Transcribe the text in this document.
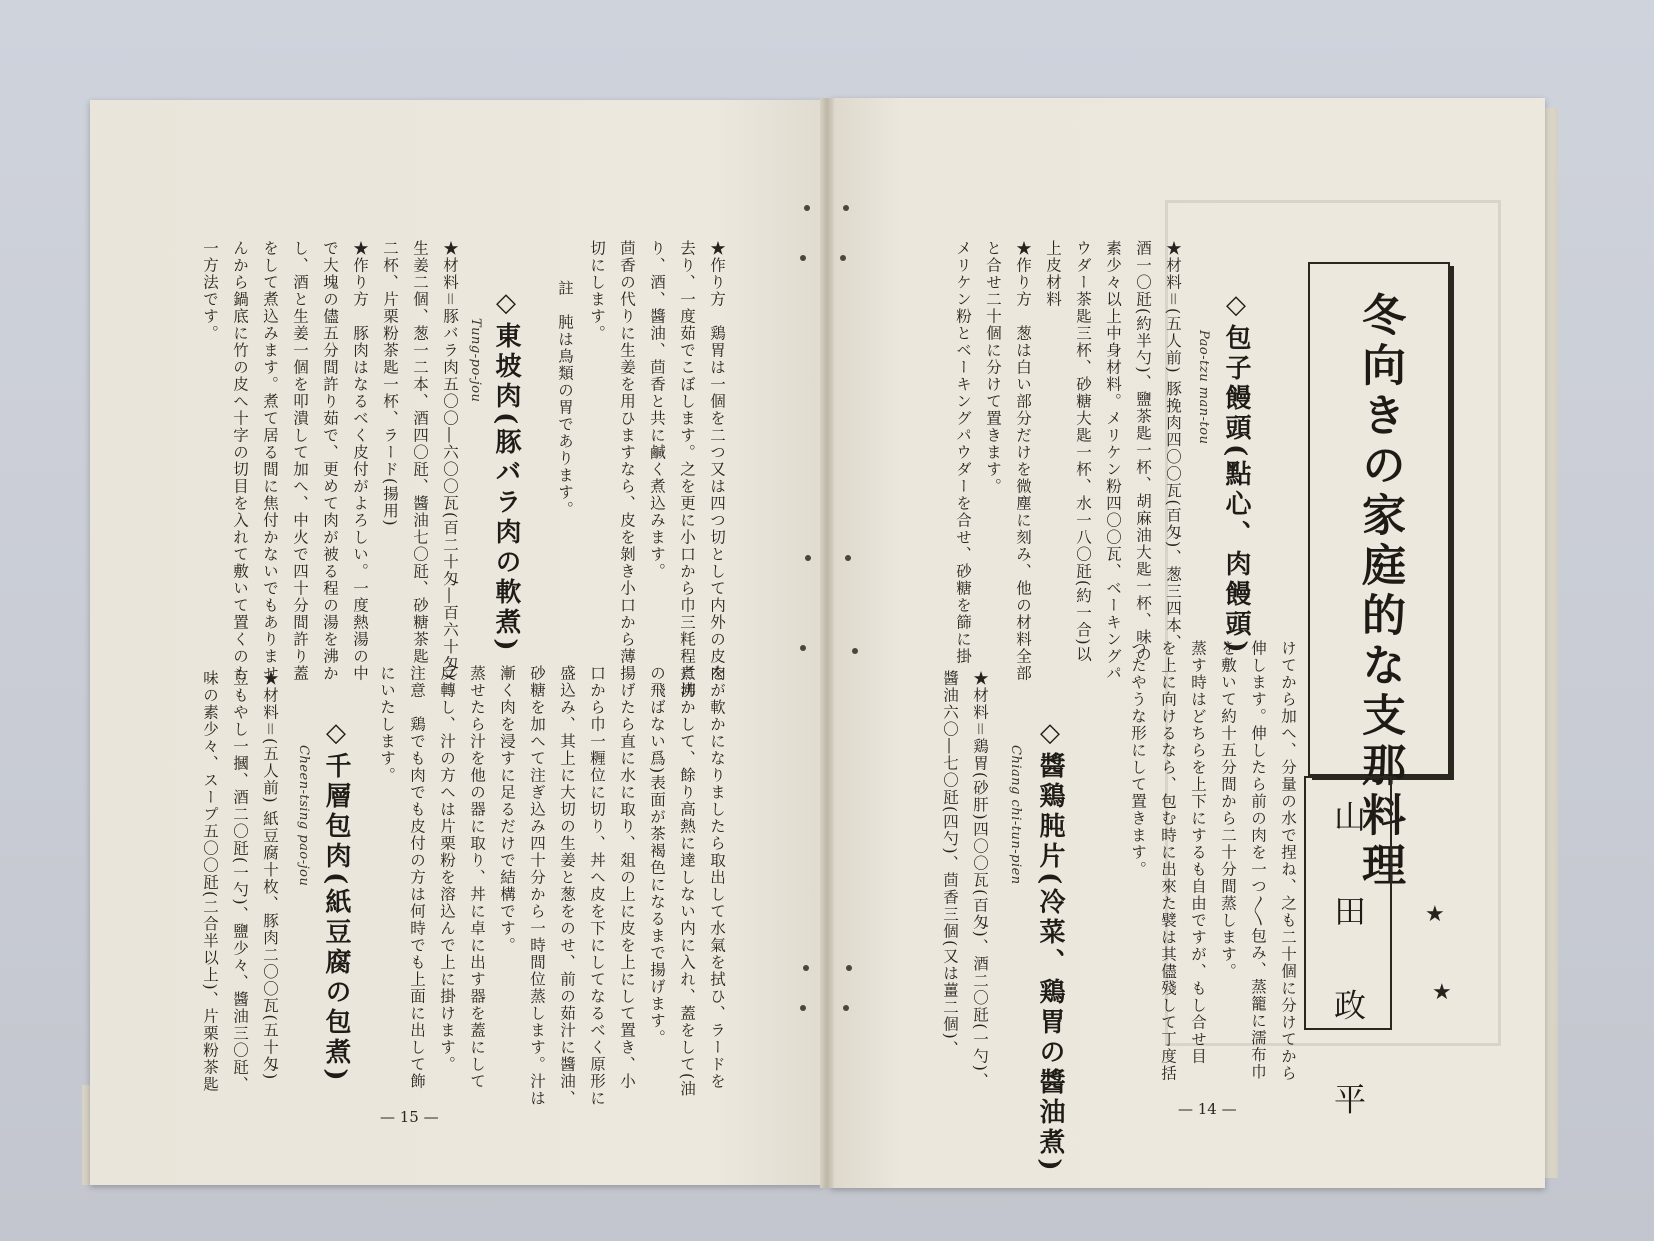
冬向きの家庭的な支那料理
山 田 政 平	★
★
★材料＝(五人前) 豚挽肉四〇〇瓦(百匁)、葱三四本、 ◇包子饅頭(點心、肉饅頭)
Pao-tzu man-tou
酒一〇瓩(約半勺)、鹽茶匙一杯、胡麻油大匙一杯、味の
素少々以上中身材料。メリケン粉四〇〇瓦、ベーキングパ
ウダー茶匙三杯、砂糖大匙一杯、水一八〇瓩(約一合)以
上皮材料
★作り方　葱は白い部分だけを微塵に刻み、他の材料全部
と合せ二十個に分けて置きます。
メリケン粉とベーキングパウダーを合せ、砂糖を篩に掛
けてから加へ、分量の水で捏ね、之も二十個に分けてから
伸します。伸したら前の肉を一つ〳〵包み、蒸籠に濡布巾
を敷いて約十五分間から二十分間蒸します。
蒸す時はどちらを上下にするも自由ですが、もし合せ目
を上に向けるなら、包む時に出來た襞は其儘殘して丁度括
つたやうな形にして置きます。
◇醬鶏肫片(冷菜、鶏胃の醬油煮)
Chiang chi-tun-pien
★材料＝鶏胃(砂肝)四〇〇瓦(百匁)、酒二〇瓩(一勺)、
醬油六〇―七〇瓩(四勺)、茴香三個(又は薑二個)、
— 14 —
★作り方　鶏胃は一個を二つ又は四つ切として内外の皮を
去り、一度茹でこぼします。之を更に小口から巾三粍程に切
り、酒、醬油、茴香と共に鹹く煮込みます。
茴香の代りに生姜を用ひますなら、皮を剝き小口から薄
切にします。
註　肫は鳥類の胃であります。
◇東坡肉(豚バラ肉の軟煮)
Tung-po-jou
★材料＝豚バラ肉五〇〇―六〇〇瓦(百二十匁―百六十匁)
生姜二個、葱一二本、酒四〇瓩、醬油七〇瓩、砂糖茶匙
二杯、片栗粉茶匙一杯、ラード(揚用)
★作り方　豚肉はなるべく皮付がよろしい。一度熱湯の中
で大塊の儘五分間許り茹で、更めて肉が被る程の湯を沸か
し、酒と生姜一個を叩潰して加へ、中火で四十分間許り蓋
をして煮込みます。煮て居る間に焦付かないでもありませ
んから鍋底に竹の皮へ十字の切目を入れて敷いて置くのも
一方法です。
肉が軟かになりましたら取出して水氣を拭ひ、ラードを
煮沸かして、餘り高熱に達しない内に入れ、蓋をして(油
の飛ばない爲)表面が茶褐色になるまで揚げます。
揚げたら直に水に取り、爼の上に皮を上にして置き、小
口から巾一糎位に切り、丼へ皮を下にしてなるべく原形に
盛込み、其上に大切の生姜と葱をのせ、前の茹汁に醬油、
砂糖を加へて注ぎ込み四十分から一時間位蒸します。汁は
漸く肉を浸すに足るだけで結構です。
蒸せたら汁を他の器に取り、丼に卓に出す器を蓋にして
反轉し、汁の方へは片栗粉を溶込んで上に掛けます。
注意　鶏でも肉でも皮付の方は何時でも上面に出して飾
にいたします。
◇千層包肉(紙豆腐の包煮)
Cheen-tsing pao-jou
★材料＝(五人前) 紙豆腐十枚、豚肉二〇〇瓦(五十匁)
豆もやし一摑、酒二〇瓩(一勺)、鹽少々、醬油三〇瓩、
味の素少々、スープ五〇〇瓩(二合半以上)、片栗粉茶匙
— 15 —
